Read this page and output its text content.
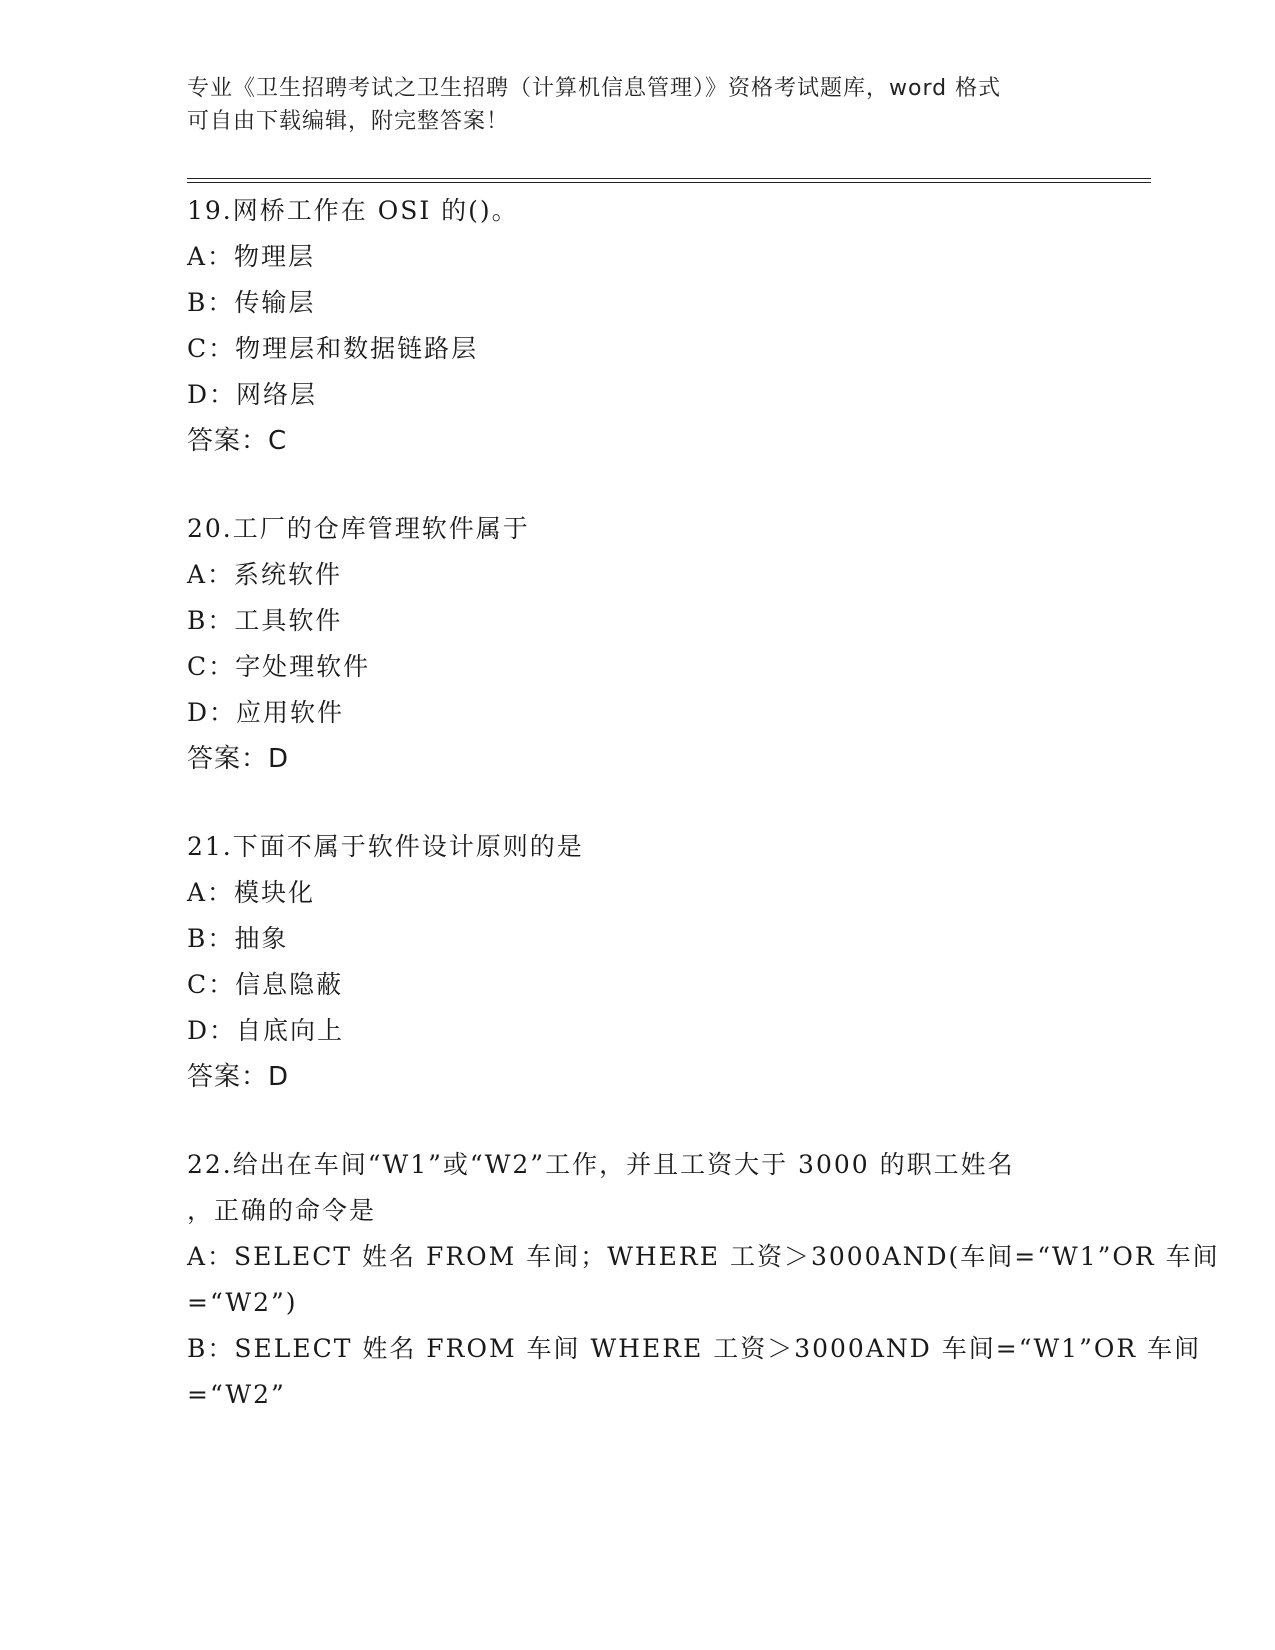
专业《卫生招聘考试之卫生招聘（计算机信息管理）》资格考试题库，word 格式
可自由下载编辑，附完整答案！
19.网桥工作在 OSI 的()。
A：物理层
B：传输层
C：物理层和数据链路层
D：网络层
答案：C
20.工厂的仓库管理软件属于
A：系统软件
B：工具软件
C：字处理软件
D：应用软件
答案：D
21.下面不属于软件设计原则的是
A：模块化
B：抽象
C：信息隐蔽
D：自底向上
答案：D
22.给出在车间“W1”或“W2”工作，并且工资大于 3000 的职工姓名
，正确的命令是
A：SELECT 姓名 FROM 车间；WHERE 工资＞3000AND(车间=“W1”OR 车间
=“W2”)
B：SELECT 姓名 FROM 车间 WHERE 工资＞3000AND 车间=“W1”OR 车间
=“W2”
